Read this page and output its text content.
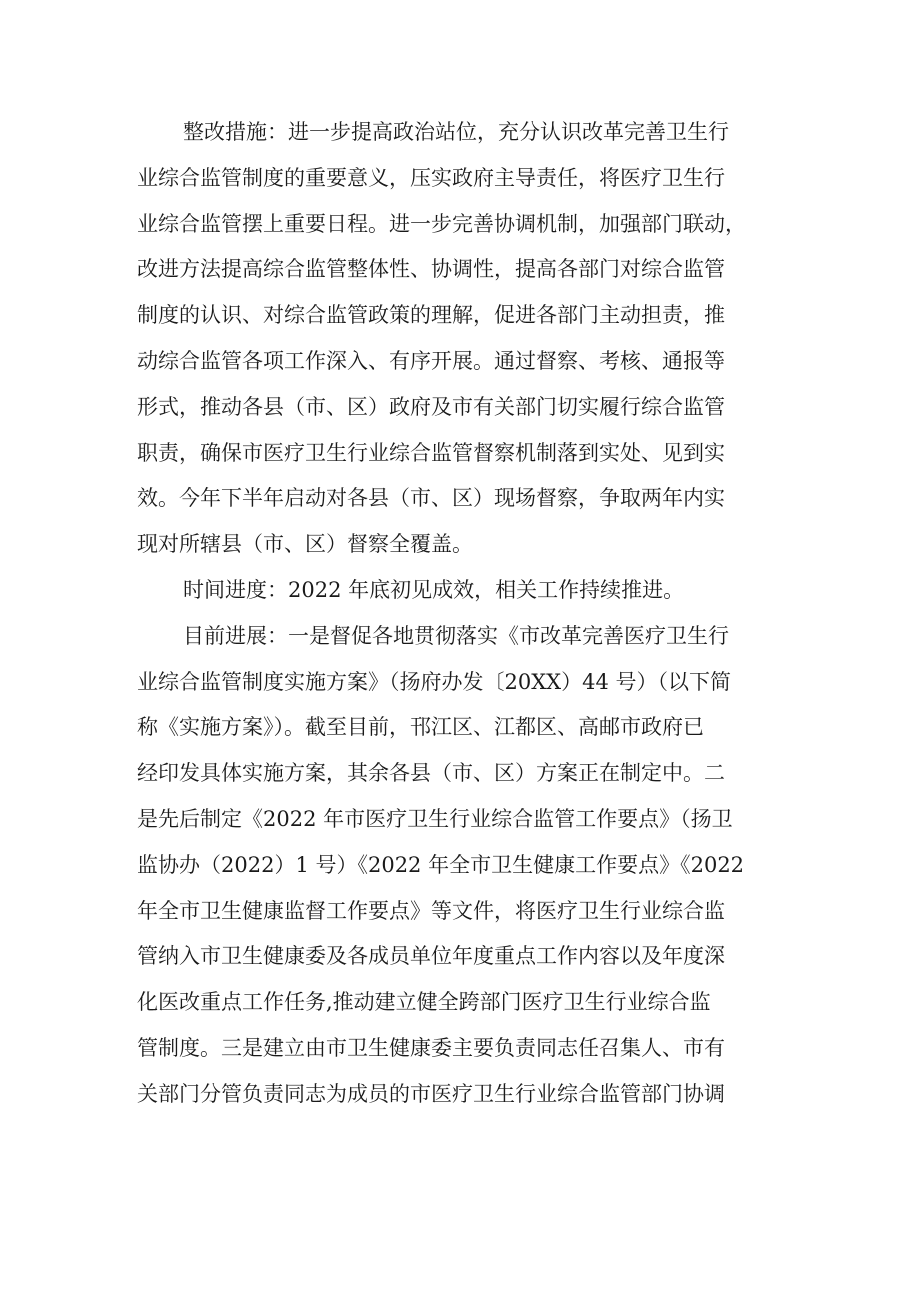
整改措施：进一步提高政治站位，充分认识改革完善卫生行
业综合监管制度的重要意义，压实政府主导责任，将医疗卫生行
业综合监管摆上重要日程。进一步完善协调机制，加强部门联动，
改进方法提高综合监管整体性、协调性，提高各部门对综合监管
制度的认识、对综合监管政策的理解，促进各部门主动担责，推
动综合监管各项工作深入、有序开展。通过督察、考核、通报等
形式，推动各县（市、区）政府及市有关部门切实履行综合监管
职责，确保市医疗卫生行业综合监管督察机制落到实处、见到实
效。今年下半年启动对各县（市、区）现场督察，争取两年内实
现对所辖县（市、区）督察全覆盖。
时间进度：2022 年底初见成效，相关工作持续推进。
目前进展：一是督促各地贯彻落实《市改革完善医疗卫生行
业综合监管制度实施方案》（扬府办发〔20XX）44 号）（以下简
称《实施方案》）。截至目前，邗江区、江都区、高邮市政府已
经印发具体实施方案，其余各县（市、区）方案正在制定中。二
是先后制定《2022 年市医疗卫生行业综合监管工作要点》（扬卫
监协办（2022）1 号）《2022 年全市卫生健康工作要点》《2022
年全市卫生健康监督工作要点》等文件，将医疗卫生行业综合监
管纳入市卫生健康委及各成员单位年度重点工作内容以及年度深
化医改重点工作任务,推动建立健全跨部门医疗卫生行业综合监
管制度。三是建立由市卫生健康委主要负责同志任召集人、市有
关部门分管负责同志为成员的市医疗卫生行业综合监管部门协调
